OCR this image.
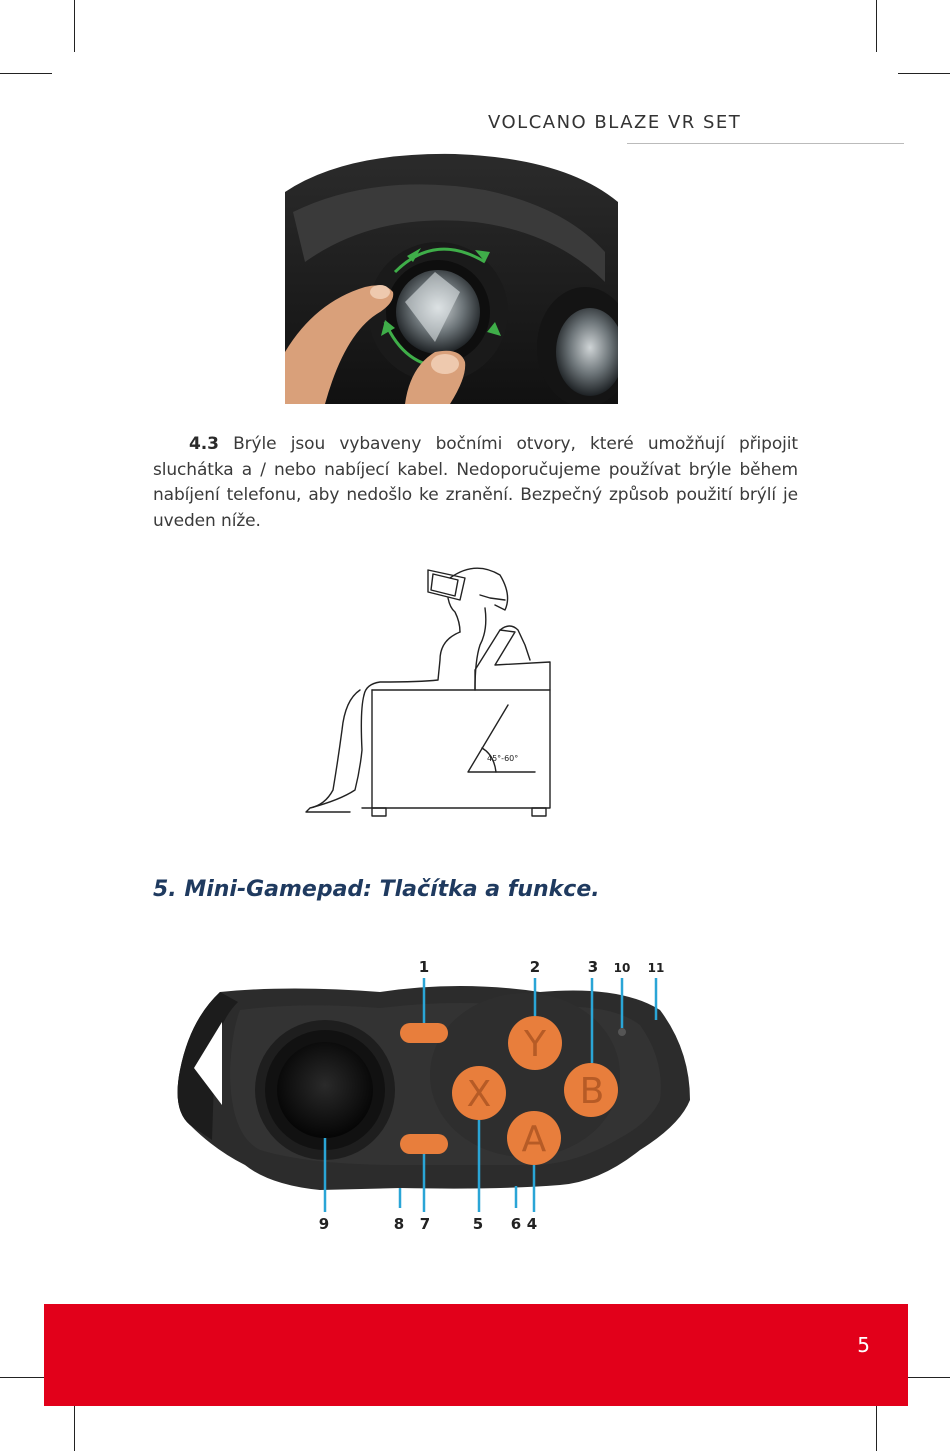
VOLCANO BLAZE VR SET

4.3 Brýle jsou vybaveny bočními otvory, které umožňují připojit sluchátka a / nebo nabíjecí kabel. Nedoporučujeme používat brýle během nabíjení telefonu, aby nedošlo ke zranění. Bezpečný způsob použití brýlí je uveden níže.

45°-60°
5. Mini-Gamepad: Tlačítka a funkce.
Y
X B
A
1	2	3 10 11
9	8 7	5 6 4
5
